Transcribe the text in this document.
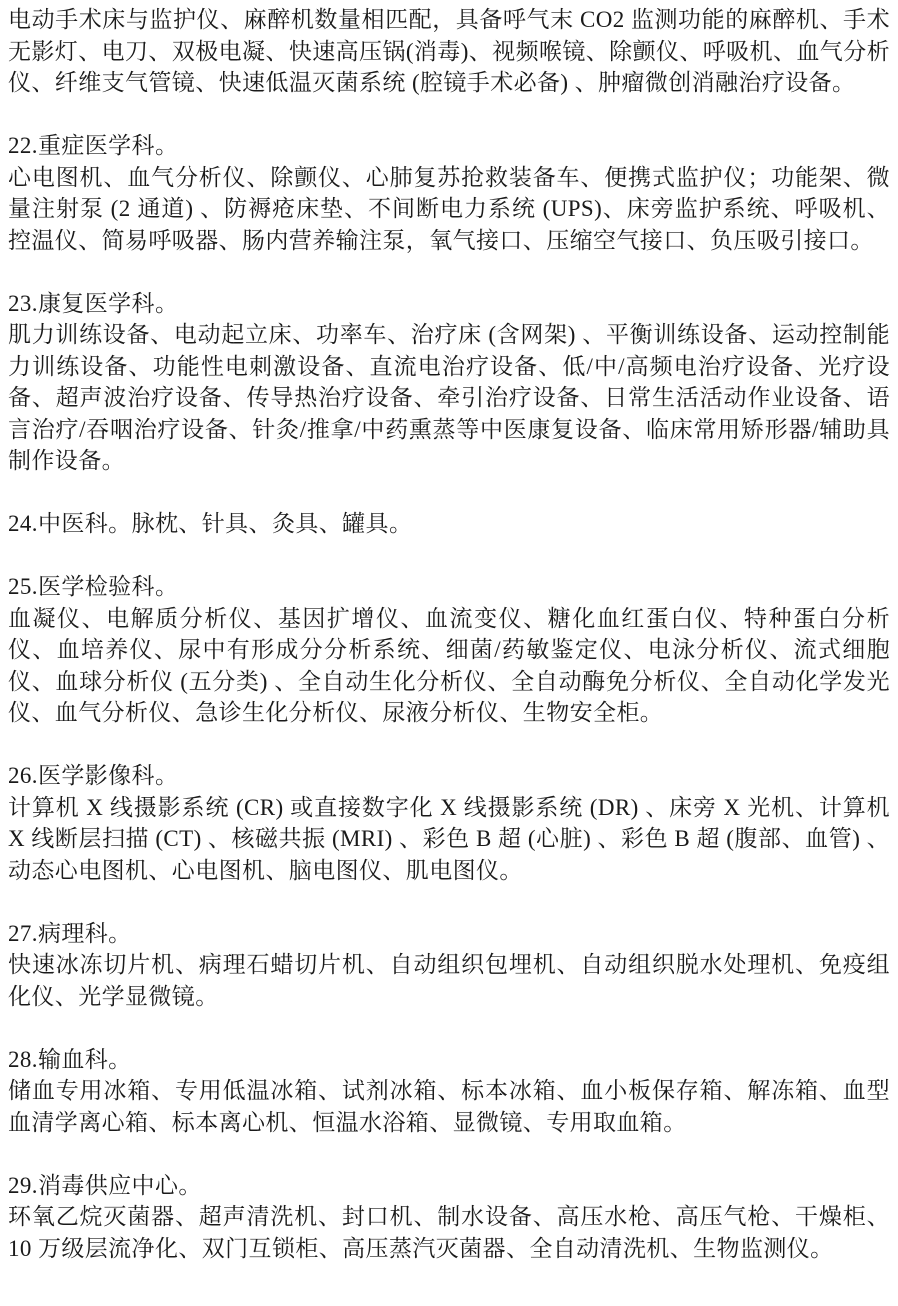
电动手术床与监护仪、麻醉机数量相匹配，具备呼气末 CO2 监测功能的麻醉机、手术无影灯、电刀、双极电凝、快速高压锅(消毒)、视频喉镜、除颤仪、呼吸机、血气分析仪、纤维支气管镜、快速低温灭菌系统 (腔镜手术必备) 、肿瘤微创消融治疗设备。

22.重症医学科。

心电图机、血气分析仪、除颤仪、心肺复苏抢救装备车、便携式监护仪；功能架、微量注射泵 (2 通道) 、防褥疮床垫、不间断电力系统 (UPS)、床旁监护系统、呼吸机、控温仪、简易呼吸器、肠内营养输注泵，氧气接口、压缩空气接口、负压吸引接口。

23.康复医学科。

肌力训练设备、电动起立床、功率车、治疗床 (含网架) 、平衡训练设备、运动控制能力训练设备、功能性电刺激设备、直流电治疗设备、低/中/高频电治疗设备、光疗设备、超声波治疗设备、传导热治疗设备、牵引治疗设备、日常生活活动作业设备、语言治疗/吞咽治疗设备、针灸/推拿/中药熏蒸等中医康复设备、临床常用矫形器/辅助具制作设备。

24.中医科。脉枕、针具、灸具、罐具。

25.医学检验科。

血凝仪、电解质分析仪、基因扩增仪、血流变仪、糖化血红蛋白仪、特种蛋白分析仪、血培养仪、尿中有形成分分析系统、细菌/药敏鉴定仪、电泳分析仪、流式细胞仪、血球分析仪 (五分类) 、全自动生化分析仪、全自动酶免分析仪、全自动化学发光仪、血气分析仪、急诊生化分析仪、尿液分析仪、生物安全柜。

26.医学影像科。

计算机 X 线摄影系统 (CR) 或直接数字化 X 线摄影系统 (DR) 、床旁 X 光机、计算机 X 线断层扫描 (CT) 、核磁共振 (MRI) 、彩色 B 超 (心脏) 、彩色 B 超 (腹部、血管) 、动态心电图机、心电图机、脑电图仪、肌电图仪。

27.病理科。

快速冰冻切片机、病理石蜡切片机、自动组织包埋机、自动组织脱水处理机、免疫组化仪、光学显微镜。

28.输血科。

储血专用冰箱、专用低温冰箱、试剂冰箱、标本冰箱、血小板保存箱、解冻箱、血型血清学离心箱、标本离心机、恒温水浴箱、显微镜、专用取血箱。

29.消毒供应中心。

环氧乙烷灭菌器、超声清洗机、封口机、制水设备、高压水枪、高压气枪、干燥柜、10 万级层流净化、双门互锁柜、高压蒸汽灭菌器、全自动清洗机、生物监测仪。
